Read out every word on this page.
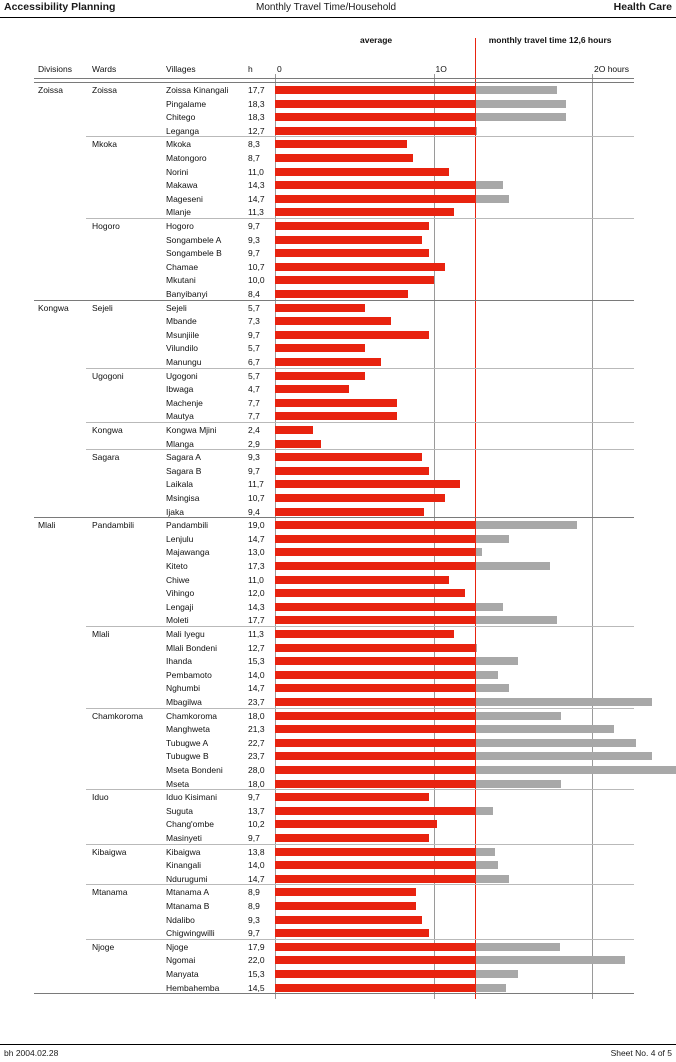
Accessibility Planning	Monthly Travel Time/Household	Health Care
Divisions Wards	Villages	h	0	1O	2O hours
average	monthly travel time 12,6 hours
Zoissa	Zoissa	Zoissa Kinangali 17,7
Pingalame	18,3
Chitego	18,3
Leganga	12,7
Mkoka	Mkoka	8,3
Matongoro	8,7
Norini	11,0
Makawa	14,3
Mageseni	14,7
Mlanje	11,3
Hogoro	Hogoro	9,7
Songambele A	9,3
Songambele B	9,7
Chamae	10,7
Mkutani	10,0
Banyibanyi	8,4
Kongwa	Sejeli	Sejeli	5,7
Mbande	7,3
Msunjiile	9,7
Vilundilo	5,7
Manungu	6,7
Ugogoni	Ugogoni	5,7
Ibwaga	4,7
Machenje	7,7
Mautya	7,7
Kongwa	Kongwa Mjini	2,4
Mlanga	2,9
Sagara	Sagara A	9,3
Sagara B	9,7
Laikala	11,7
Msingisa	10,7
Ijaka	9,4
Mlali	Pandambili	Pandambili	19,0
Lenjulu	14,7
Majawanga	13,0
Kiteto	17,3
Chiwe	11,0
Vihingo	12,0
Lengaji	14,3
Moleti	17,7
Mlali	Mali Iyegu	11,3
Mlali Bondeni	12,7
Ihanda	15,3
Pembamoto	14,0
Nghumbi	14,7
Mbagilwa	23,7
Chamkoroma	Chamkoroma	18,0
Manghweta	21,3
Tubugwe A	22,7
Tubugwe B	23,7
Mseta Bondeni	28,0
Mseta	18,0
Iduo	Iduo Kisimani	9,7
Suguta	13,7
Chang'ombe	10,2
Masinyeti	9,7
Kibaigwa	Kibaigwa	13,8
Kinangali	14,0
Ndurugumi	14,7
Mtanama	Mtanama A	8,9
Mtanama B	8,9
Ndalibo	9,3
Chigwingwilli	9,7
Njoge	Njoge	17,9
Ngomai	22,0
Manyata	15,3
Hembahemba	14,5
bh 2004.02.28	Sheet No. 4 of 5
